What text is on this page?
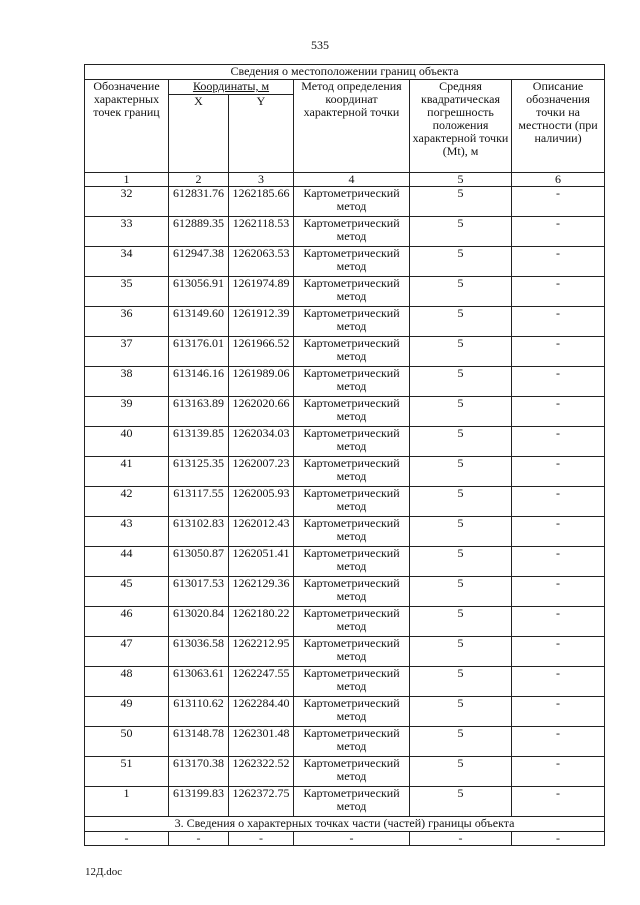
535
Сведения о местоположении границ объекта					
Обозначение характерных точек границ	Координаты, м		Метод определения координат характерной точки	Средняя квадратическая погрешность положения характерной точки (Mt), м	Описание обозначения точки на местности (при наличии)
	X	Y			
1	2	3	4	5	6
32	612831.76	1262185.66	Картометрический метод	5	-
33	612889.35	1262118.53	Картометрический метод	5	-
34	612947.38	1262063.53	Картометрический метод	5	-
35	613056.91	1261974.89	Картометрический метод	5	-
36	613149.60	1261912.39	Картометрический метод	5	-
37	613176.01	1261966.52	Картометрический метод	5	-
38	613146.16	1261989.06	Картометрический метод	5	-
39	613163.89	1262020.66	Картометрический метод	5	-
40	613139.85	1262034.03	Картометрический метод	5	-
41	613125.35	1262007.23	Картометрический метод	5	-
42	613117.55	1262005.93	Картометрический метод	5	-
43	613102.83	1262012.43	Картометрический метод	5	-
44	613050.87	1262051.41	Картометрический метод	5	-
45	613017.53	1262129.36	Картометрический метод	5	-
46	613020.84	1262180.22	Картометрический метод	5	-
47	613036.58	1262212.95	Картометрический метод	5	-
48	613063.61	1262247.55	Картометрический метод	5	-
49	613110.62	1262284.40	Картометрический метод	5	-
50	613148.78	1262301.48	Картометрический метод	5	-
51	613170.38	1262322.52	Картометрический метод	5	-
1	613199.83	1262372.75	Картометрический метод	5	-
3. Сведения о характерных точках части (частей) границы объекта					
-	-	-	-	-	-
12Д.doc
